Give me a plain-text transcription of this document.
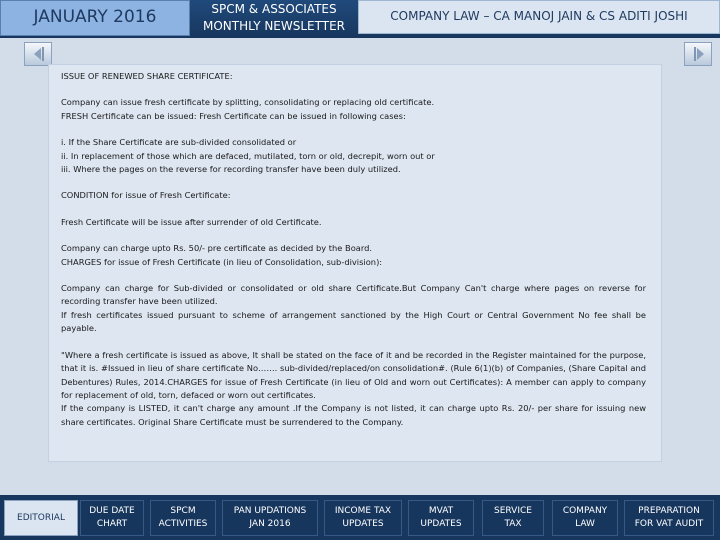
JANUARY 2016	SPCM & ASSOCIATES
MONTHLY NEWSLETTER
COMPANY LAW – CA MANOJ JAIN & CS ADITI JOSHI

ISSUE OF RENEWED SHARE CERTIFICATE:

Company can issue fresh certificate by splitting, consolidating or replacing old certificate.

FRESH Certificate can be issued: Fresh Certificate can be issued in following cases:

i. If the Share Certificate are sub-divided consolidated or

ii. In replacement of those which are defaced, mutilated, torn or old, decrepit, worn out or

iii. Where the pages on the reverse for recording transfer have been duly utilized.

CONDITION for issue of Fresh Certificate:

Fresh Certificate will be issue after surrender of old Certificate.

Company can charge upto Rs. 50/- pre certificate as decided by the Board.

CHARGES for issue of Fresh Certificate (in lieu of Consolidation, sub-division):

Company can charge for Sub-divided or consolidated or old share Certificate.But Company Can't charge where pages on reverse for recording transfer have been utilized.

If fresh certificates issued pursuant to scheme of arrangement sanctioned by the High Court or Central Government No fee shall be payable.

"Where a fresh certificate is issued as above, It shall be stated on the face of it and be recorded in the Register maintained for the purpose, that it is. #Issued in lieu of share certificate No……. sub-divided/replaced/on consolidation#. (Rule 6(1)(b) of Companies, (Share Capital and Debentures) Rules, 2014.CHARGES for issue of Fresh Certificate (in lieu of Old and worn out Certificates): A member can apply to company for replacement of old, torn, defaced or worn out certificates.

If the company is LISTED, it can't charge any amount .If the Company is not listed, it can charge upto Rs. 20/- per share for issuing new share certificates. Original Share Certificate must be surrendered to the Company.

EDITORIAL
DUE DATE
CHART
SPCM
ACTIVITIES
PAN UPDATIONS
JAN 2016
INCOME TAX
UPDATES
MVAT
UPDATES
SERVICE
TAX
COMPANY
LAW
PREPARATION
FOR VAT AUDIT
